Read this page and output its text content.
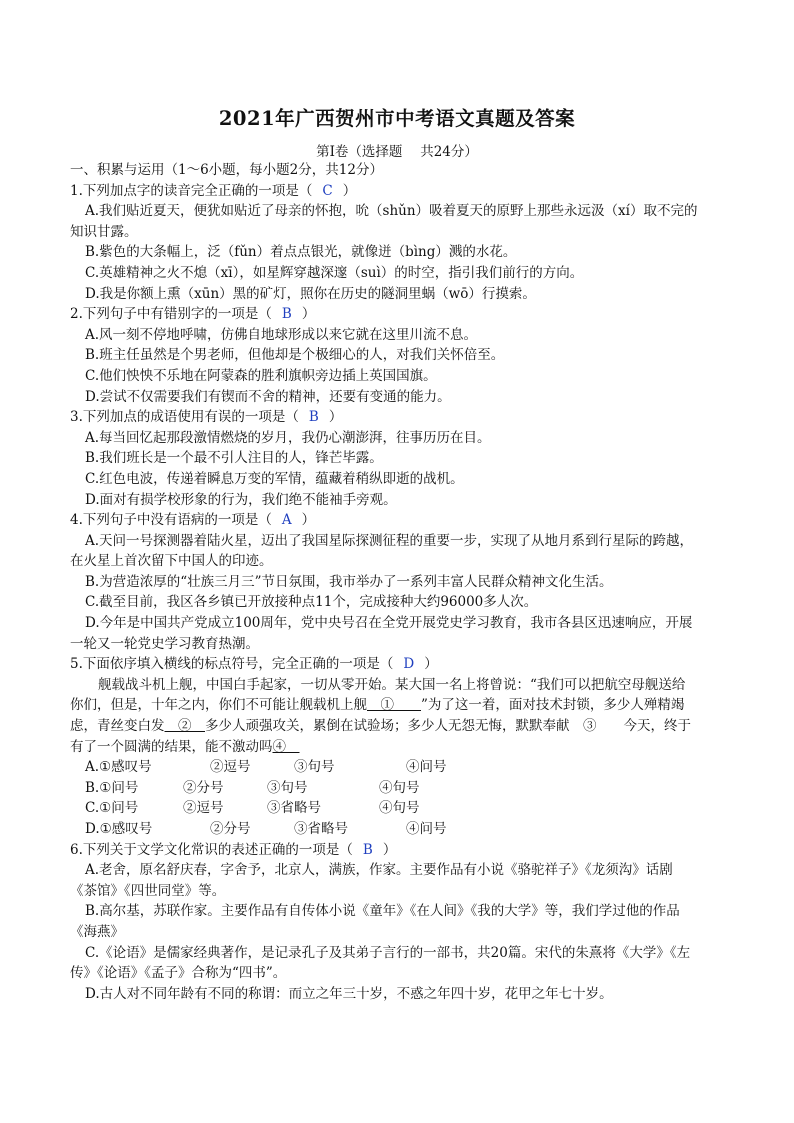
2021年广西贺州市中考语文真题及答案
第Ⅰ卷（选择题　 共24分）
一、积累与运用（1～6小题，每小题2分，共12分）
1.下列加点字的读音完全正确的一项是（ C ）
A.我们贴近夏天，便犹如贴近了母亲的怀抱，吮（shǔn）吸着夏天的原野上那些永远汲（xí）取不完的
知识甘露。
B.紫色的大条幅上，泛（fǔn）着点点银光，就像迸（bìng）溅的水花。
C.英雄精神之火不熄（xī），如星辉穿越深邃（suì）的时空，指引我们前行的方向。
D.我是你额上熏（xūn）黑的矿灯，照你在历史的隧洞里蜗（wō）行摸索。
2.下列句子中有错别字的一项是（ B ）
A.风一刻不停地呼啸，仿佛自地球形成以来它就在这里川流不息。
B.班主任虽然是个男老师，但他却是个极细心的人，对我们关怀倍至。
C.他们怏怏不乐地在阿蒙森的胜利旗帜旁边插上英国国旗。
D.尝试不仅需要我们有锲而不舍的精神，还要有变通的能力。
3.下列加点的成语使用有误的一项是（ B ）
A.每当回忆起那段激情燃烧的岁月，我仍心潮澎湃，往事历历在目。
B.我们班长是一个最不引人注目的人，锋芒毕露。
C.红色电波，传递着瞬息万变的军情，蕴藏着稍纵即逝的战机。
D.面对有损学校形象的行为，我们绝不能袖手旁观。
4.下列句子中没有语病的一项是（ A ）
A.天问一号探测器着陆火星，迈出了我国星际探测征程的重要一步，实现了从地月系到行星际的跨越，
在火星上首次留下中国人的印迹。
B.为营造浓厚的“壮族三月三”节日氛围，我市举办了一系列丰富人民群众精神文化生活。
C.截至目前，我区各乡镇已开放接种点11个，完成接种大约96000多人次。
D.今年是中国共产党成立100周年，党中央号召在全党开展党史学习教育，我市各县区迅速响应，开展
一轮又一轮党史学习教育热潮。
5.下面依序填入横线的标点符号，完全正确的一项是（ D ）
舰载战斗机上舰，中国白手起家，一切从零开始。某大国一名上将曾说：“我们可以把航空母舰送给
你们，但是，十年之内，你们不可能让舰载机上舰　①　　”为了这一着，面对技术封锁，多少人殚精竭
虑，青丝变白发　②　多少人顽强攻关，累倒在试验场；多少人无怨无悔，默默奉献　③　　今天，终于
有了一个圆满的结果，能不激动吗④　
A.①感叹号	②逗号	③句号	④问号
B.①问号	②分号	③句号	④句号
C.①问号	②逗号	③省略号	④句号
D.①感叹号	②分号	③省略号	④问号
6.下列关于文学文化常识的表述正确的一项是（ B ）
A.老舍，原名舒庆春，字舍予，北京人，满族，作家。主要作品有小说《骆驼祥子》《龙须沟》话剧
《茶馆》《四世同堂》等。
B.高尔基，苏联作家。主要作品有自传体小说《童年》《在人间》《我的大学》等，我们学过他的作品
《海燕》
C.《论语》是儒家经典著作，是记录孔子及其弟子言行的一部书，共20篇。宋代的朱熹将《大学》《左
传》《论语》《孟子》合称为“四书”。
D.古人对不同年龄有不同的称谓：而立之年三十岁，不惑之年四十岁，花甲之年七十岁。
